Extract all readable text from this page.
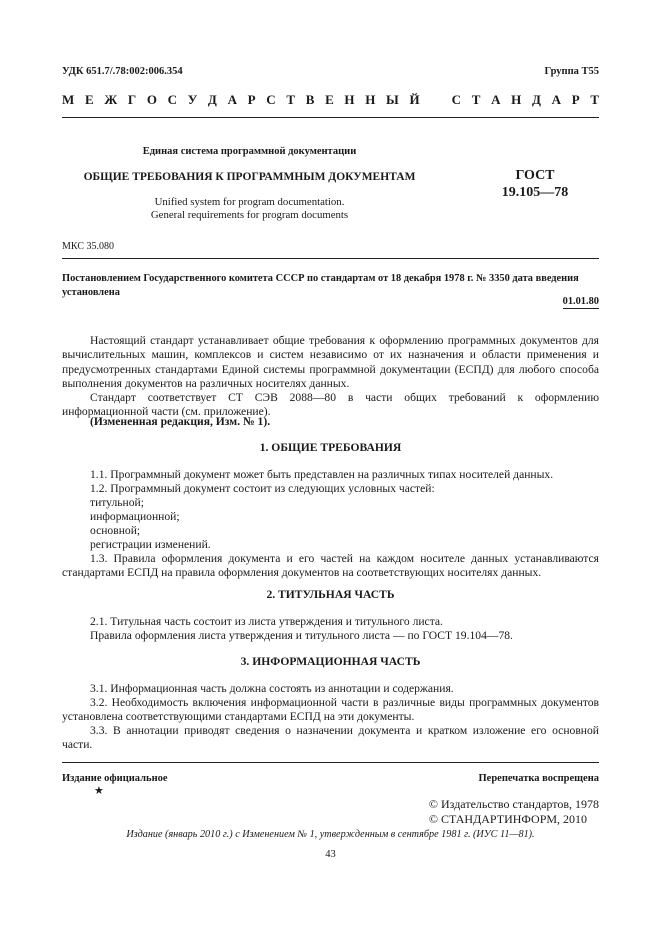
УДК 651.7/.78:002:006.354	Группа Т55
М Е Ж Г О С У Д А Р С Т В Е Н Н Ы Й   С Т А Н Д А Р Т
Единая система программной документации
ОБЩИЕ ТРЕБОВАНИЯ К ПРОГРАММНЫМ ДОКУМЕНТАМ
Unified system for program documentation.
General requirements for program documents
ГОСТ
19.105—78
МКС 35.080
Постановлением Государственного комитета СССР по стандартам от 18 декабря 1978 г. № 3350 дата введения установлена
01.01.80
Настоящий стандарт устанавливает общие требования к оформлению программных документов для вычислительных машин, комплексов и систем независимо от их назначения и области применения и предусмотренных стандартами Единой системы программной документации (ЕСПД) для любого способа выполнения документов на различных носителях данных.
Стандарт соответствует СТ СЭВ 2088—80 в части общих требований к оформлению информационной части (см. приложение).
(Измененная редакция, Изм. № 1).
1. ОБЩИЕ ТРЕБОВАНИЯ
1.1. Программный документ может быть представлен на различных типах носителей данных.
1.2. Программный документ состоит из следующих условных частей:
титульной;
информационной;
основной;
регистрации изменений.
1.3. Правила оформления документа и его частей на каждом носителе данных устанавливаются стандартами ЕСПД на правила оформления документов на соответствующих носителях данных.
2. ТИТУЛЬНАЯ ЧАСТЬ
2.1. Титульная часть состоит из листа утверждения и титульного листа.
Правила оформления листа утверждения и титульного листа — по ГОСТ 19.104—78.
3. ИНФОРМАЦИОННАЯ ЧАСТЬ
3.1. Информационная часть должна состоять из аннотации и содержания.
3.2. Необходимость включения информационной части в различные виды программных документов установлена соответствующими стандартами ЕСПД на эти документы.
3.3. В аннотации приводят сведения о назначении документа и кратком изложение его основной части.
Издание официальное	Перепечатка воспрещена
★
© Издательство стандартов, 1978
© СТАНДАРТИНФОРМ, 2010
Издание (январь 2010 г.) с Изменением № 1, утвержденным в сентябре 1981 г. (ИУС 11—81).
43
